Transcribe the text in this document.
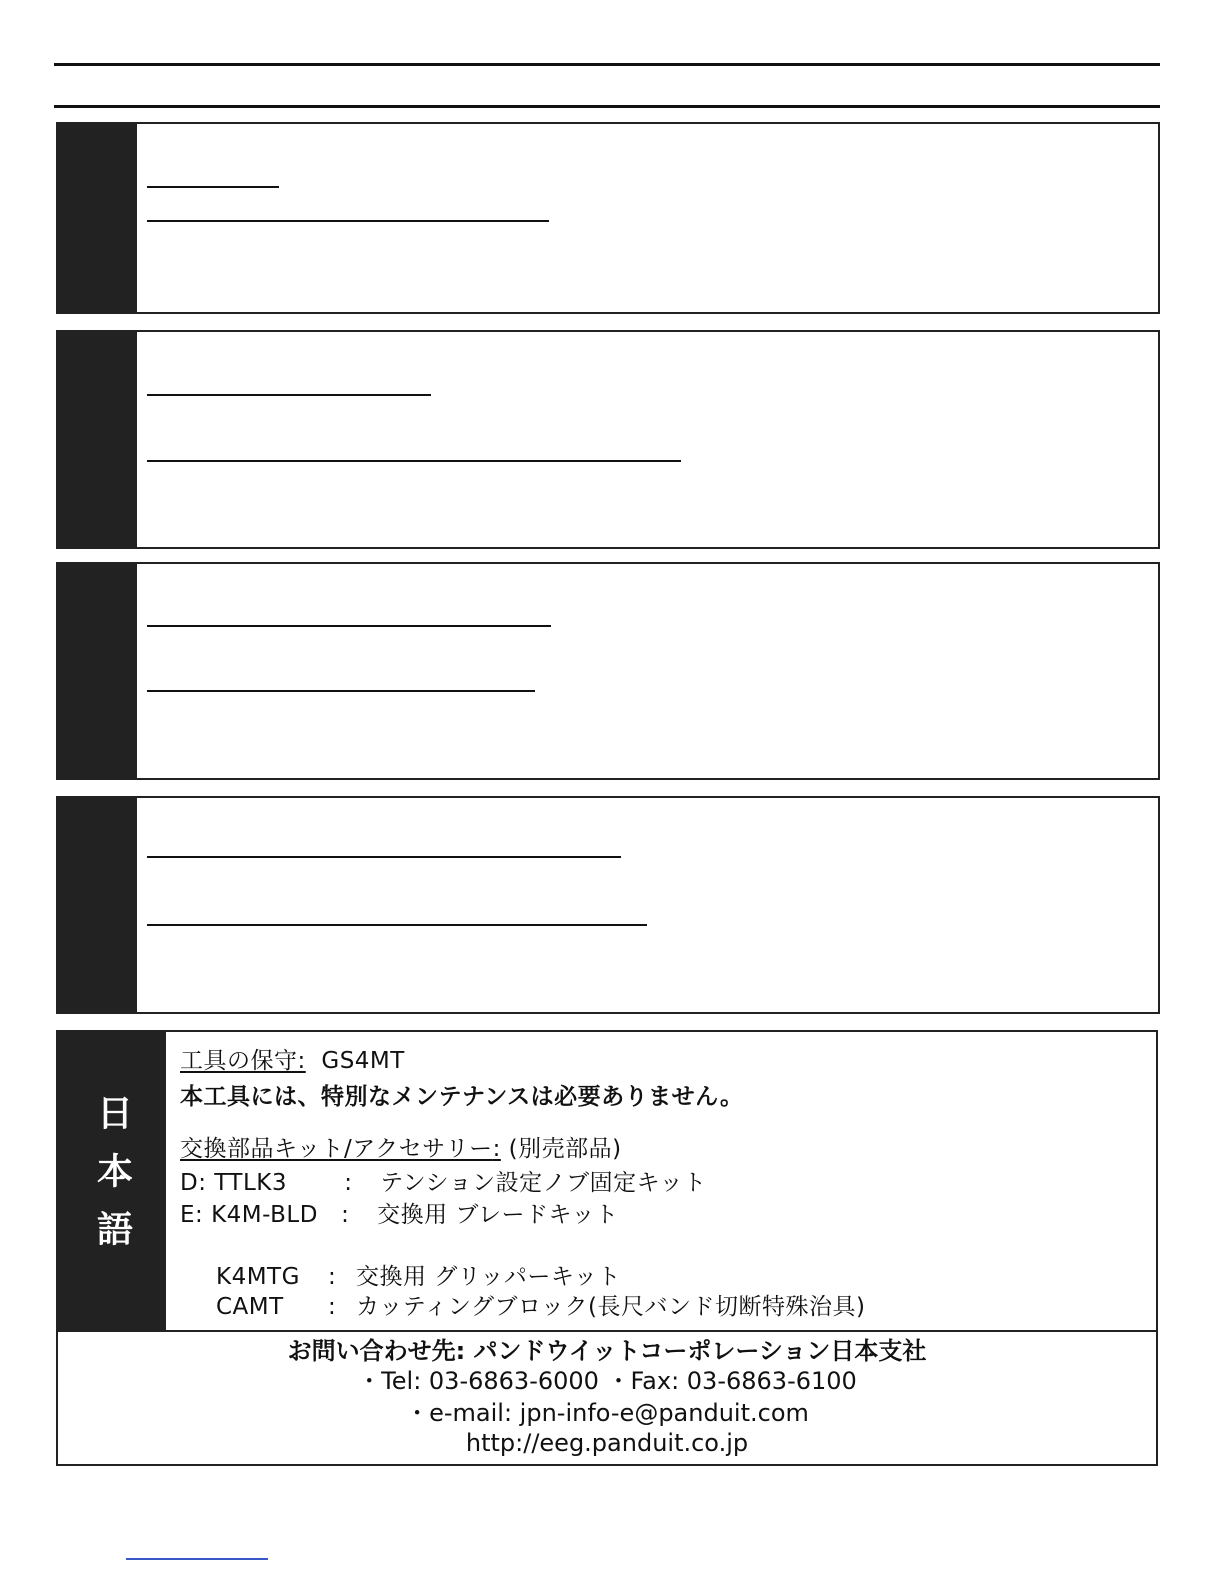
日本語
工具の保守: GS4MT
本工具には、特別なメンテナンスは必要ありません。
交換部品キット/アクセサリー: (別売部品)
D: TTLK3 : テンション設定ノブ固定キット
E: K4M-BLD : 交換用 ブレードキット
K4MTG : 交換用 グリッパーキット
CAMT : カッティングブロック(長尺バンド切断特殊治具)
お問い合わせ先: パンドウイットコーポレーション日本支社
・Tel: 03-6863-6000 ・Fax: 03-6863-6100
・e-mail: jpn-info-e@panduit.com
http://eeg.panduit.co.jp
